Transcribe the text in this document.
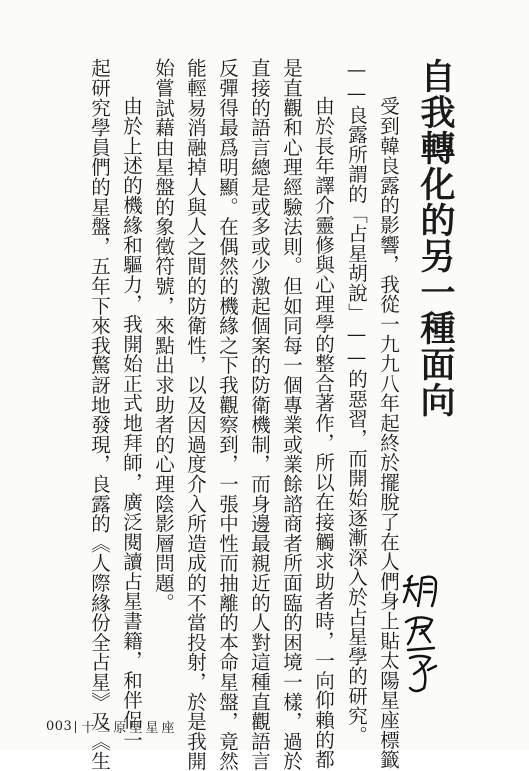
自我轉化的另一種面向
受到韓良露的影響，我從一九九八年起終於擺脫了在人們身上貼太陽星座標籤
——良露所謂的「占星胡說」——的惡習，而開始逐漸深入於占星學的研究。
由於長年譯介靈修與心理學的整合著作，所以在接觸求助者時，一向仰賴的都
是直觀和心理經驗法則。但如同每一個專業或業餘諮商者所面臨的困境一樣，過於
直接的語言總是或多或少激起個案的防衛機制，而身邊最親近的人對這種直觀語言
反彈得最爲明顯。在偶然的機緣之下我觀察到，一張中性而抽離的本命星盤，竟然
能輕易消融掉人與人之間的防衛性，以及因過度介入所造成的不當投射，於是我開
始嘗試藉由星盤的象徵符號，來點出求助者的心理陰影層問題。
由於上述的機緣和驅力，我開始正式地拜師，廣泛閱讀占星書籍，和伴侶一
起研究學員們的星盤，五年下來我驚訝地發現，良露的《人際緣份全占星》及《生
003 十二原型星座
